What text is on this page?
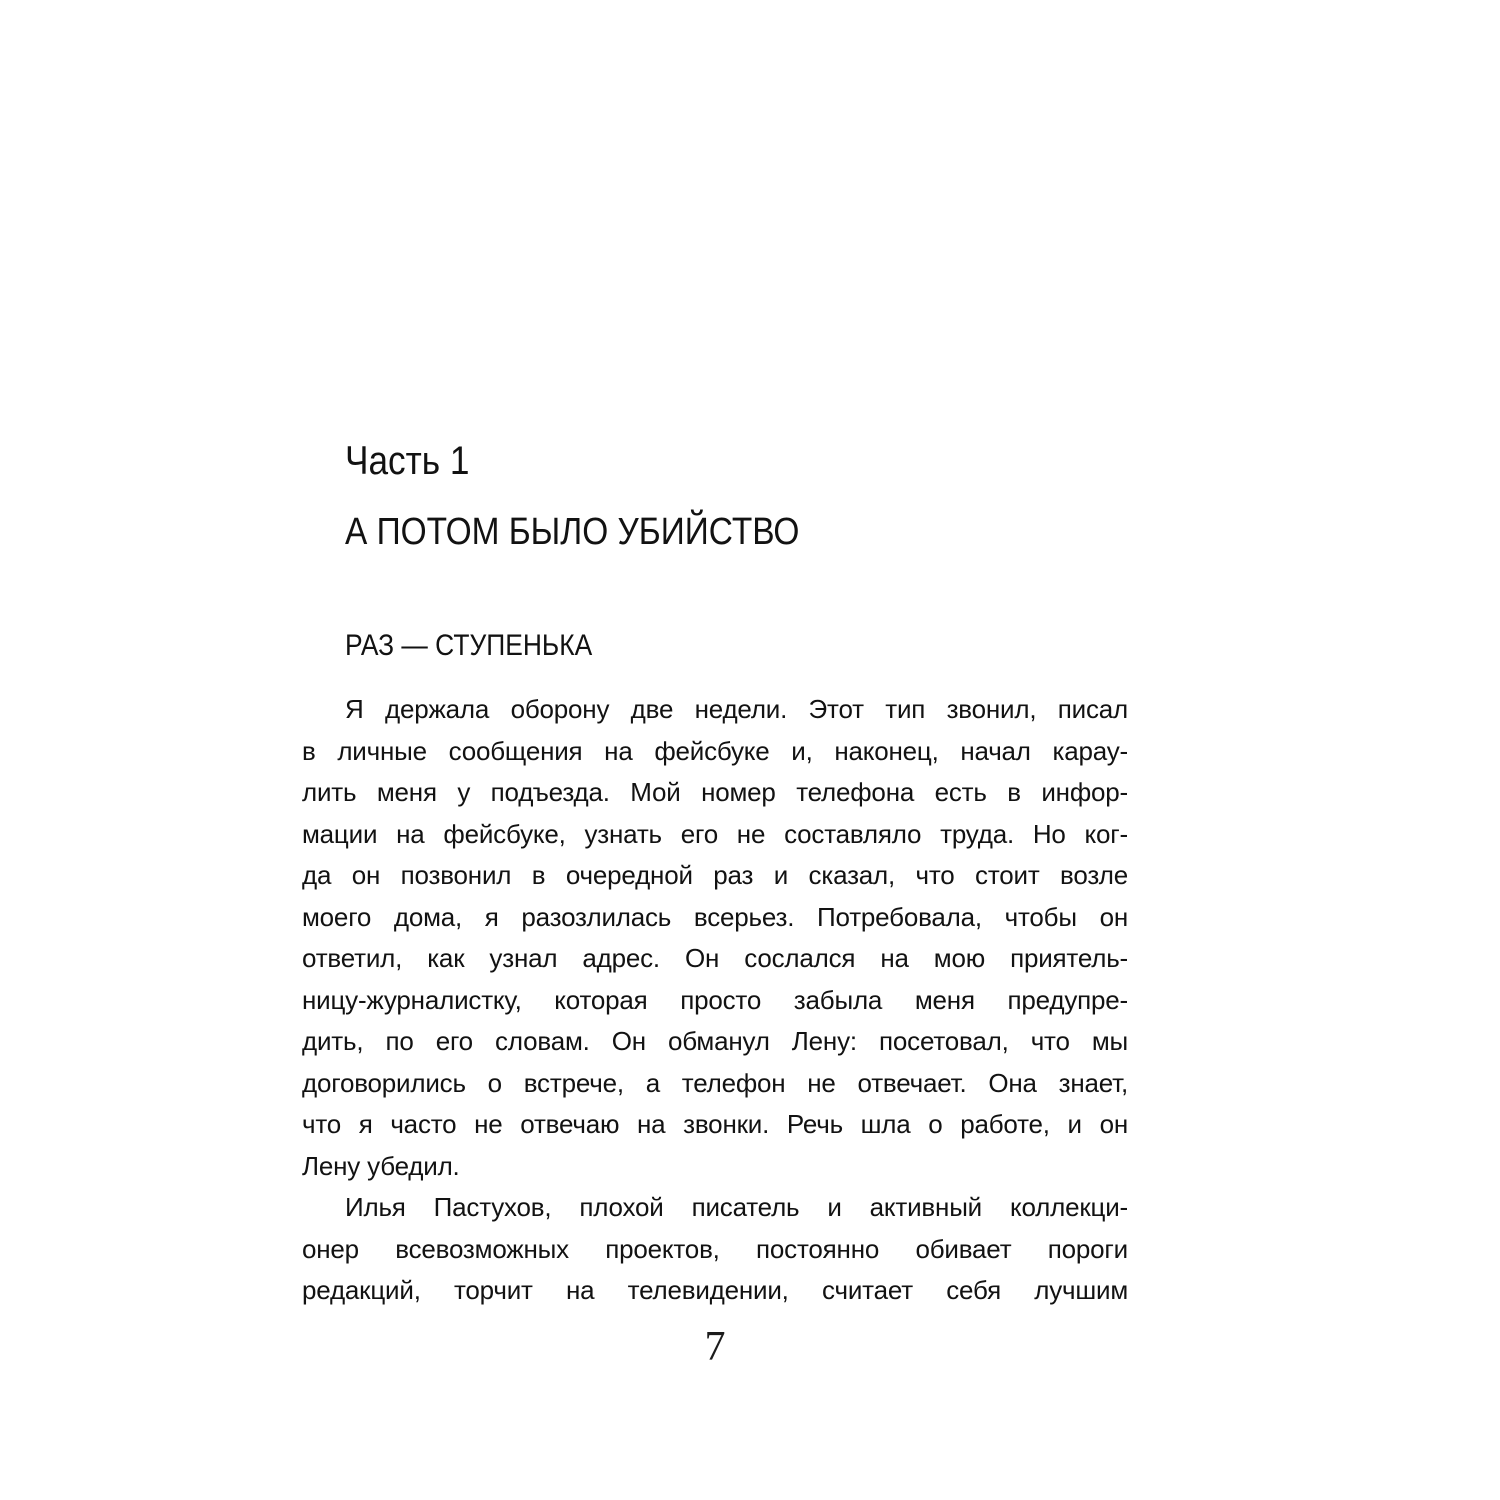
Часть 1
А ПОТОМ БЫЛО УБИЙСТВО
РАЗ — СТУПЕНЬКА
Я держала оборону две недели. Этот тип звонил, писал
в личные сообщения на фейсбуке и, наконец, начал карау-
лить меня у подъезда. Мой номер телефона есть в инфор-
мации на фейсбуке, узнать его не составляло труда. Но ког-
да он позвонил в очередной раз и сказал, что стоит возле
моего дома, я разозлилась всерьез. Потребовала, чтобы он
ответил, как узнал адрес. Он сослался на мою приятель-
ницу-журналистку, которая просто забыла меня предупре-
дить, по его словам. Он обманул Лену: посетовал, что мы
договорились о встрече, а телефон не отвечает. Она знает,
что я часто не отвечаю на звонки. Речь шла о работе, и он
Лену убедил.
Илья Пастухов, плохой писатель и активный коллекци-
онер всевозможных проектов, постоянно обивает пороги
редакций, торчит на телевидении, считает себя лучшим
7
